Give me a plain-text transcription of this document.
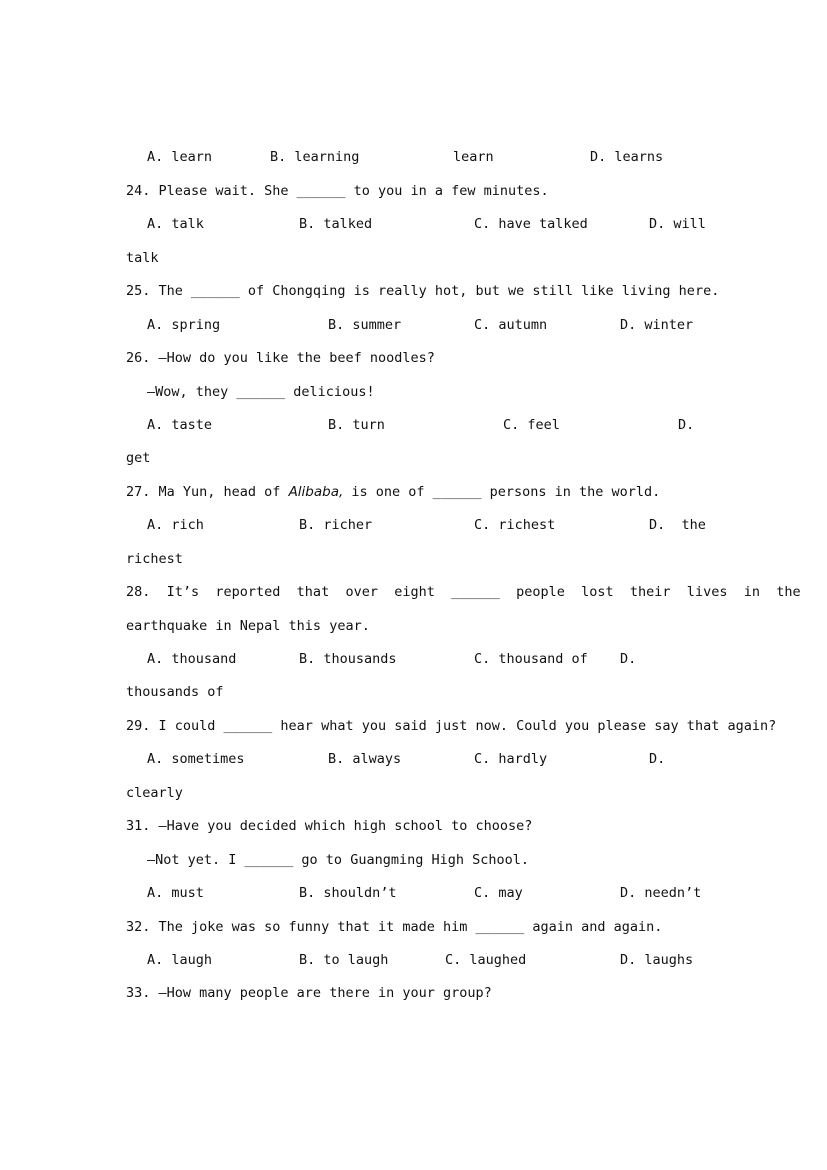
A. learn	B. learning	learn	D. learns
24. Please wait. She ______ to you in a few minutes.
A. talk	B. talked	C. have talked	D. will
talk
25. The ______ of Chongqing is really hot, but we still like living here.
A. spring	B. summer	C. autumn	D. winter
26. —How do you like the beef noodles?
—Wow, they ______ delicious!
A. taste	B. turn	C. feel	D.
get
27. Ma Yun, head of Alibaba, is one of ______ persons in the world.
A. rich	B. richer	C. richest	D.  the
richest
28.  It’s  reported  that  over  eight  ______  people  lost  their  lives  in  the
earthquake in Nepal this year.
A. thousand	B. thousands	C. thousand of D.
thousands of
29. I could ______ hear what you said just now. Could you please say that again?
A. sometimes	B. always	C. hardly	D.
clearly
31. —Have you decided which high school to choose?
—Not yet. I ______ go to Guangming High School.
A. must	B. shouldn’t	C. may	D. needn’t
32. The joke was so funny that it made him ______ again and again.
A. laugh	B. to laugh	C. laughed	D. laughs
33. —How many people are there in your group?
